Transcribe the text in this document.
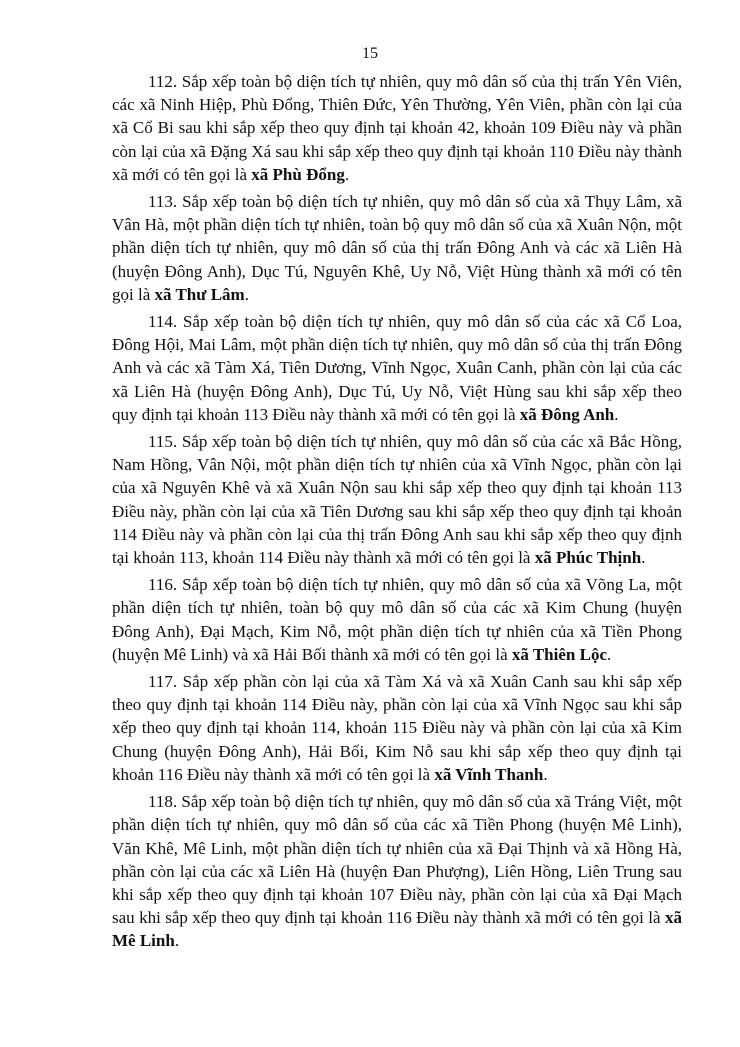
15

112. Sắp xếp toàn bộ diện tích tự nhiên, quy mô dân số của thị trấn Yên Viên, các xã Ninh Hiệp, Phù Đổng, Thiên Đức, Yên Thường, Yên Viên, phần còn lại của xã Cổ Bi sau khi sắp xếp theo quy định tại khoản 42, khoản 109 Điều này và phần còn lại của xã Đặng Xá sau khi sắp xếp theo quy định tại khoản 110 Điều này thành xã mới có tên gọi là xã Phù Đổng.

113. Sắp xếp toàn bộ diện tích tự nhiên, quy mô dân số của xã Thụy Lâm, xã Vân Hà, một phần diện tích tự nhiên, toàn bộ quy mô dân số của xã Xuân Nộn, một phần diện tích tự nhiên, quy mô dân số của thị trấn Đông Anh và các xã Liên Hà (huyện Đông Anh), Dục Tú, Nguyên Khê, Uy Nỗ, Việt Hùng thành xã mới có tên gọi là xã Thư Lâm.

114. Sắp xếp toàn bộ diện tích tự nhiên, quy mô dân số của các xã Cổ Loa, Đông Hội, Mai Lâm, một phần diện tích tự nhiên, quy mô dân số của thị trấn Đông Anh và các xã Tàm Xá, Tiên Dương, Vĩnh Ngọc, Xuân Canh, phần còn lại của các xã Liên Hà (huyện Đông Anh), Dục Tú, Uy Nỗ, Việt Hùng sau khi sắp xếp theo quy định tại khoản 113 Điều này thành xã mới có tên gọi là xã Đông Anh.

115. Sắp xếp toàn bộ diện tích tự nhiên, quy mô dân số của các xã Bắc Hồng, Nam Hồng, Vân Nội, một phần diện tích tự nhiên của xã Vĩnh Ngọc, phần còn lại của xã Nguyên Khê và xã Xuân Nộn sau khi sắp xếp theo quy định tại khoản 113 Điều này, phần còn lại của xã Tiên Dương sau khi sắp xếp theo quy định tại khoản 114 Điều này và phần còn lại của thị trấn Đông Anh sau khi sắp xếp theo quy định tại khoản 113, khoản 114 Điều này thành xã mới có tên gọi là xã Phúc Thịnh.

116. Sắp xếp toàn bộ diện tích tự nhiên, quy mô dân số của xã Võng La, một phần diện tích tự nhiên, toàn bộ quy mô dân số của các xã Kim Chung (huyện Đông Anh), Đại Mạch, Kim Nỗ, một phần diện tích tự nhiên của xã Tiền Phong (huyện Mê Linh) và xã Hải Bối thành xã mới có tên gọi là xã Thiên Lộc.

117. Sắp xếp phần còn lại của xã Tàm Xá và xã Xuân Canh sau khi sắp xếp theo quy định tại khoản 114 Điều này, phần còn lại của xã Vĩnh Ngọc sau khi sắp xếp theo quy định tại khoản 114, khoản 115 Điều này và phần còn lại của xã Kim Chung (huyện Đông Anh), Hải Bối, Kim Nỗ sau khi sắp xếp theo quy định tại khoản 116 Điều này thành xã mới có tên gọi là xã Vĩnh Thanh.

118. Sắp xếp toàn bộ diện tích tự nhiên, quy mô dân số của xã Tráng Việt, một phần diện tích tự nhiên, quy mô dân số của các xã Tiền Phong (huyện Mê Linh), Văn Khê, Mê Linh, một phần diện tích tự nhiên của xã Đại Thịnh và xã Hồng Hà, phần còn lại của các xã Liên Hà (huyện Đan Phượng), Liên Hồng, Liên Trung sau khi sắp xếp theo quy định tại khoản 107 Điều này, phần còn lại của xã Đại Mạch sau khi sắp xếp theo quy định tại khoản 116 Điều này thành xã mới có tên gọi là xã Mê Linh.
